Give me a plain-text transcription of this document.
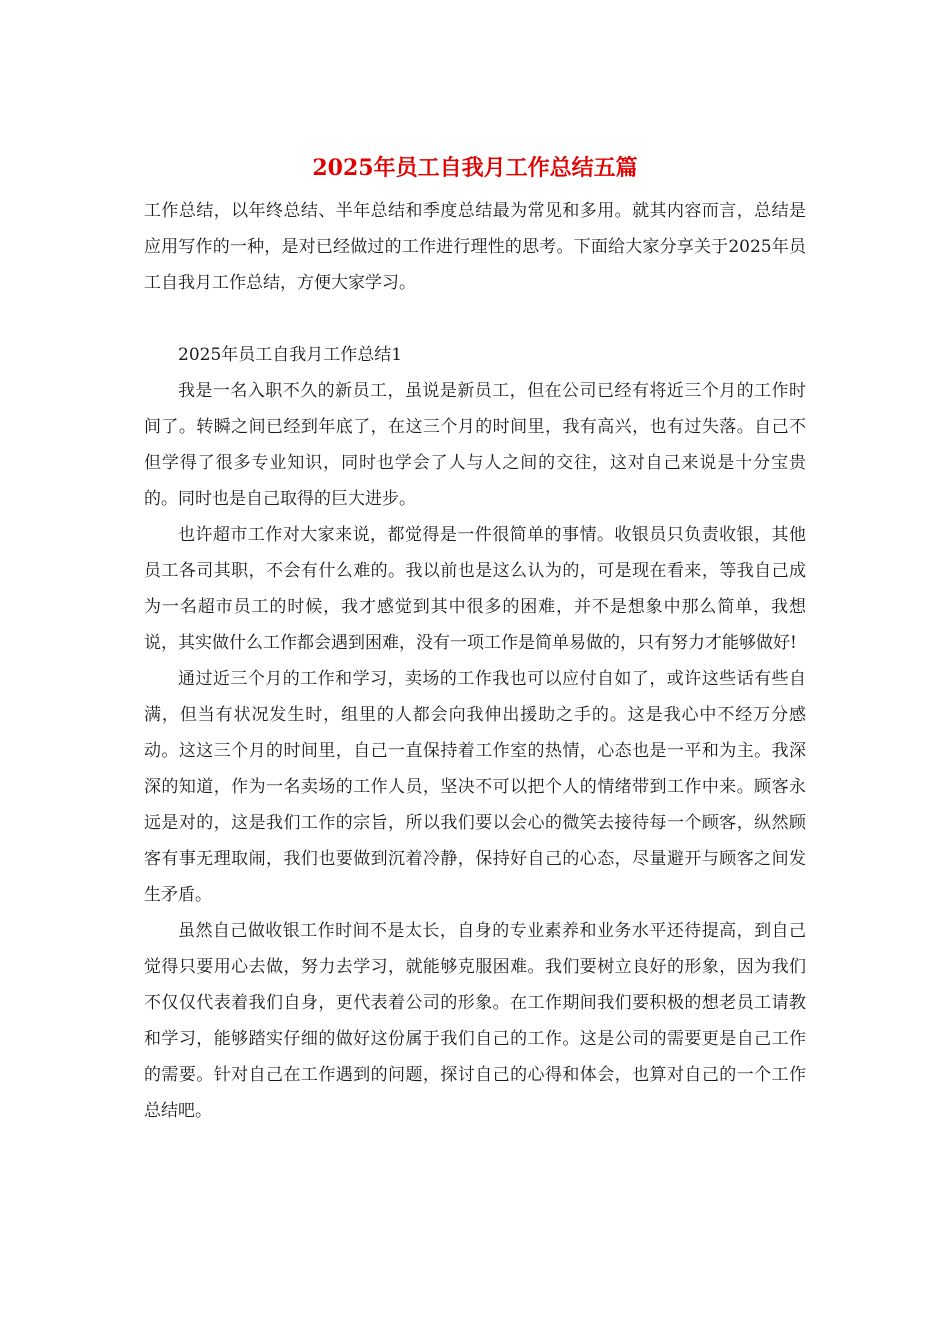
2025年员工自我月工作总结五篇

工作总结，以年终总结、半年总结和季度总结最为常见和多用。就其内容而言，总结是应用写作的一种，是对已经做过的工作进行理性的思考。下面给大家分享关于2025年员工自我月工作总结，方便大家学习。

2025年员工自我月工作总结1

我是一名入职不久的新员工，虽说是新员工，但在公司已经有将近三个月的工作时间了。转瞬之间已经到年底了，在这三个月的时间里，我有高兴，也有过失落。自己不但学得了很多专业知识，同时也学会了人与人之间的交往，这对自己来说是十分宝贵的。同时也是自己取得的巨大进步。

也许超市工作对大家来说，都觉得是一件很简单的事情。收银员只负责收银，其他员工各司其职，不会有什么难的。我以前也是这么认为的，可是现在看来，等我自己成为一名超市员工的时候，我才感觉到其中很多的困难，并不是想象中那么简单，我想说，其实做什么工作都会遇到困难，没有一项工作是简单易做的，只有努力才能够做好!

通过近三个月的工作和学习，卖场的工作我也可以应付自如了，或许这些话有些自满，但当有状况发生时，组里的人都会向我伸出援助之手的。这是我心中不经万分感动。这这三个月的时间里，自己一直保持着工作室的热情，心态也是一平和为主。我深深的知道，作为一名卖场的工作人员，坚决不可以把个人的情绪带到工作中来。顾客永远是对的，这是我们工作的宗旨，所以我们要以会心的微笑去接待每一个顾客，纵然顾客有事无理取闹，我们也要做到沉着冷静，保持好自己的心态，尽量避开与顾客之间发生矛盾。

虽然自己做收银工作时间不是太长，自身的专业素养和业务水平还待提高，到自己觉得只要用心去做，努力去学习，就能够克服困难。我们要树立良好的形象，因为我们不仅仅代表着我们自身，更代表着公司的形象。在工作期间我们要积极的想老员工请教和学习，能够踏实仔细的做好这份属于我们自己的工作。这是公司的需要更是自己工作的需要。针对自己在工作遇到的问题，探讨自己的心得和体会，也算对自己的一个工作总结吧。
